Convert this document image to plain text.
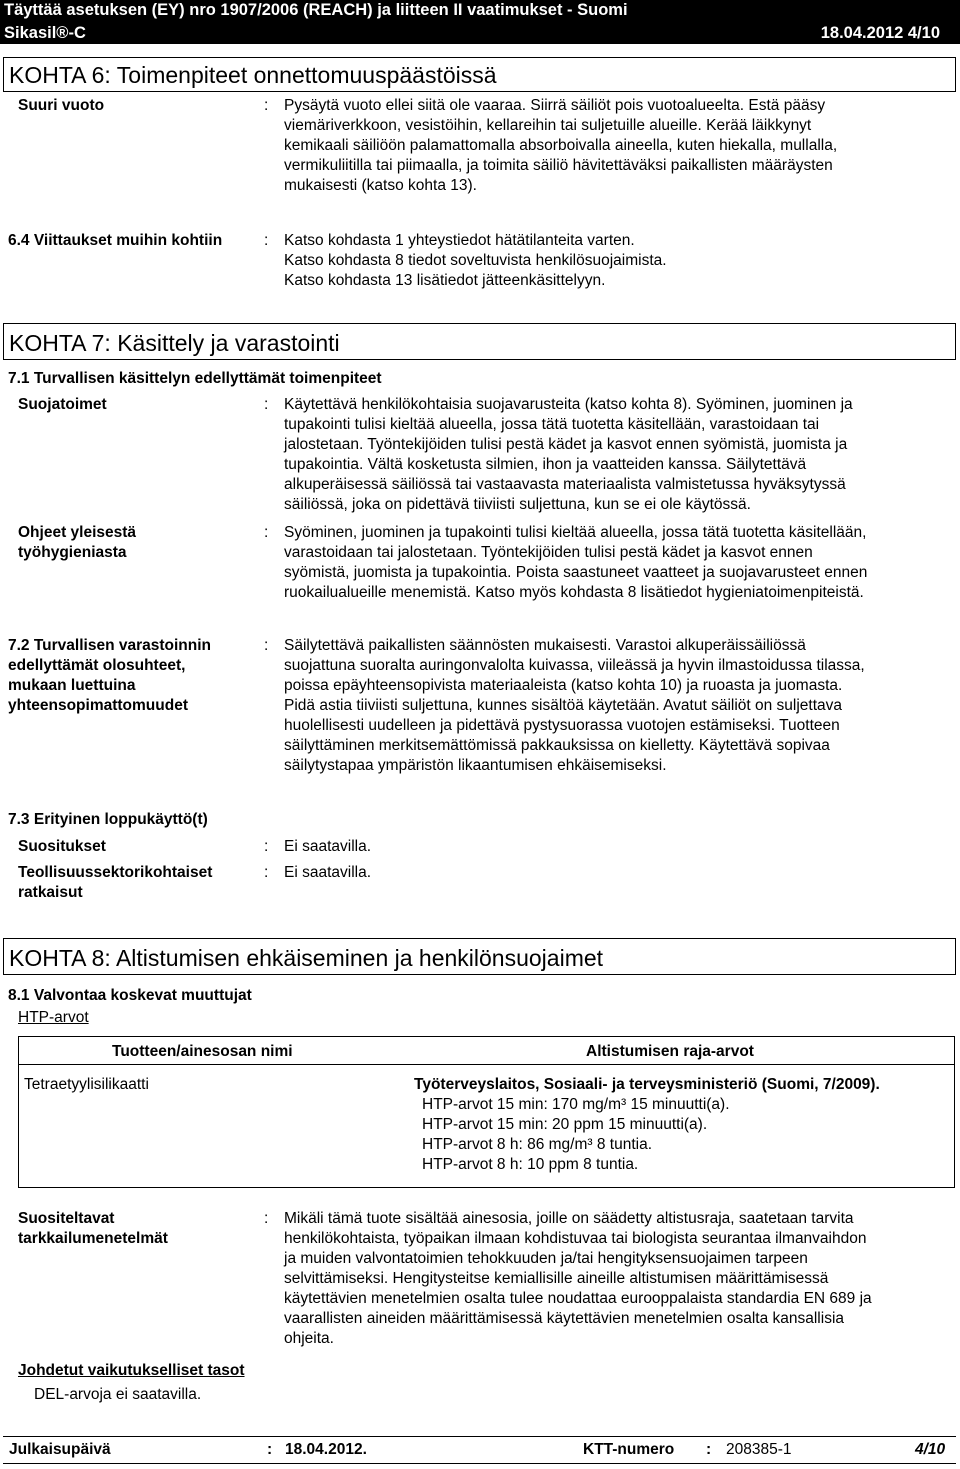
Täyttää asetuksen (EY) nro 1907/2006 (REACH) ja liitteen II vaatimukset - Suomi
Sikasil®-C	18.04.2012 4/10
KOHTA 6: Toimenpiteet onnettomuuspäästöissä
Suuri vuoto	: Pysäytä vuoto ellei siitä ole vaaraa. Siirrä säiliöt pois vuotoalueelta. Estä pääsy
viemäriverkkoon, vesistöihin, kellareihin tai suljetuille alueille. Kerää läikkynyt
kemikaali säiliöön palamattomalla absorboivalla aineella, kuten hiekalla, mullalla,
vermikuliitilla tai piimaalla, ja toimita säiliö hävitettäväksi paikallisten määräysten
mukaisesti (katso kohta 13).
6.4 Viittaukset muihin kohtiin	: Katso kohdasta 1 yhteystiedot hätätilanteita varten.
Katso kohdasta 8 tiedot soveltuvista henkilösuojaimista.
Katso kohdasta 13 lisätiedot jätteenkäsittelyyn.
KOHTA 7: Käsittely ja varastointi
7.1 Turvallisen käsittelyn edellyttämät toimenpiteet
Suojatoimet	: Käytettävä henkilökohtaisia suojavarusteita (katso kohta 8). Syöminen, juominen ja
tupakointi tulisi kieltää alueella, jossa tätä tuotetta käsitellään, varastoidaan tai
jalostetaan. Työntekijöiden tulisi pestä kädet ja kasvot ennen syömistä, juomista ja
tupakointia. Vältä kosketusta silmien, ihon ja vaatteiden kanssa. Säilytettävä
alkuperäisessä säiliössä tai vastaavasta materiaalista valmistetussa hyväksytyssä
säiliössä, joka on pidettävä tiiviisti suljettuna, kun se ei ole käytössä.
Ohjeet yleisestä
työhygieniasta
: Syöminen, juominen ja tupakointi tulisi kieltää alueella, jossa tätä tuotetta käsitellään,
varastoidaan tai jalostetaan. Työntekijöiden tulisi pestä kädet ja kasvot ennen
syömistä, juomista ja tupakointia. Poista saastuneet vaatteet ja suojavarusteet ennen
ruokailualueille menemistä. Katso myös kohdasta 8 lisätiedot hygieniatoimenpiteistä.
7.2 Turvallisen varastoinnin
edellyttämät olosuhteet,
mukaan luettuina
yhteensopimattomuudet
: Säilytettävä paikallisten säännösten mukaisesti. Varastoi alkuperäissäiliössä
suojattuna suoralta auringonvalolta kuivassa, viileässä ja hyvin ilmastoidussa tilassa,
poissa epäyhteensopivista materiaaleista (katso kohta 10) ja ruoasta ja juomasta.
Pidä astia tiiviisti suljettuna, kunnes sisältöä käytetään. Avatut säiliöt on suljettava
huolellisesti uudelleen ja pidettävä pystysuorassa vuotojen estämiseksi. Tuotteen
säilyttäminen merkitsemättömissä pakkauksissa on kielletty. Käytettävä sopivaa
säilytystapaa ympäristön likaantumisen ehkäisemiseksi.
7.3 Erityinen loppukäyttö(t)
Suositukset	: Ei saatavilla.
Teollisuussektorikohtaiset
ratkaisut
: Ei saatavilla.
KOHTA 8: Altistumisen ehkäiseminen ja henkilönsuojaimet
8.1 Valvontaa koskevat muuttujat
HTP-arvot
Tuotteen/ainesosan nimi	Altistumisen raja-arvot
Tetraetyylisilikaatti	Työterveyslaitos, Sosiaali- ja terveysministeriö (Suomi, 7/2009).
HTP-arvot 15 min: 170 mg/m³ 15 minuutti(a).
HTP-arvot 15 min: 20 ppm 15 minuutti(a).
HTP-arvot 8 h: 86 mg/m³ 8 tuntia.
HTP-arvot 8 h: 10 ppm 8 tuntia.
Suositeltavat
tarkkailumenetelmät
: Mikäli tämä tuote sisältää ainesosia, joille on säädetty altistusraja, saatetaan tarvita
henkilökohtaista, työpaikan ilmaan kohdistuvaa tai biologista seurantaa ilmanvaihdon
ja muiden valvontatoimien tehokkuuden ja/tai hengityksensuojaimen tarpeen
selvittämiseksi. Hengitysteitse kemiallisille aineille altistumisen määrittämisessä
käytettävien menetelmien osalta tulee noudattaa eurooppalaista standardia EN 689 ja
vaarallisten aineiden määrittämisessä käytettävien menetelmien osalta kansallisia
ohjeita.
Johdetut vaikutukselliset tasot
DEL-arvoja ei saatavilla.
Julkaisupäivä	: 18.04.2012.	KTT-numero : 208385-1	4/10
